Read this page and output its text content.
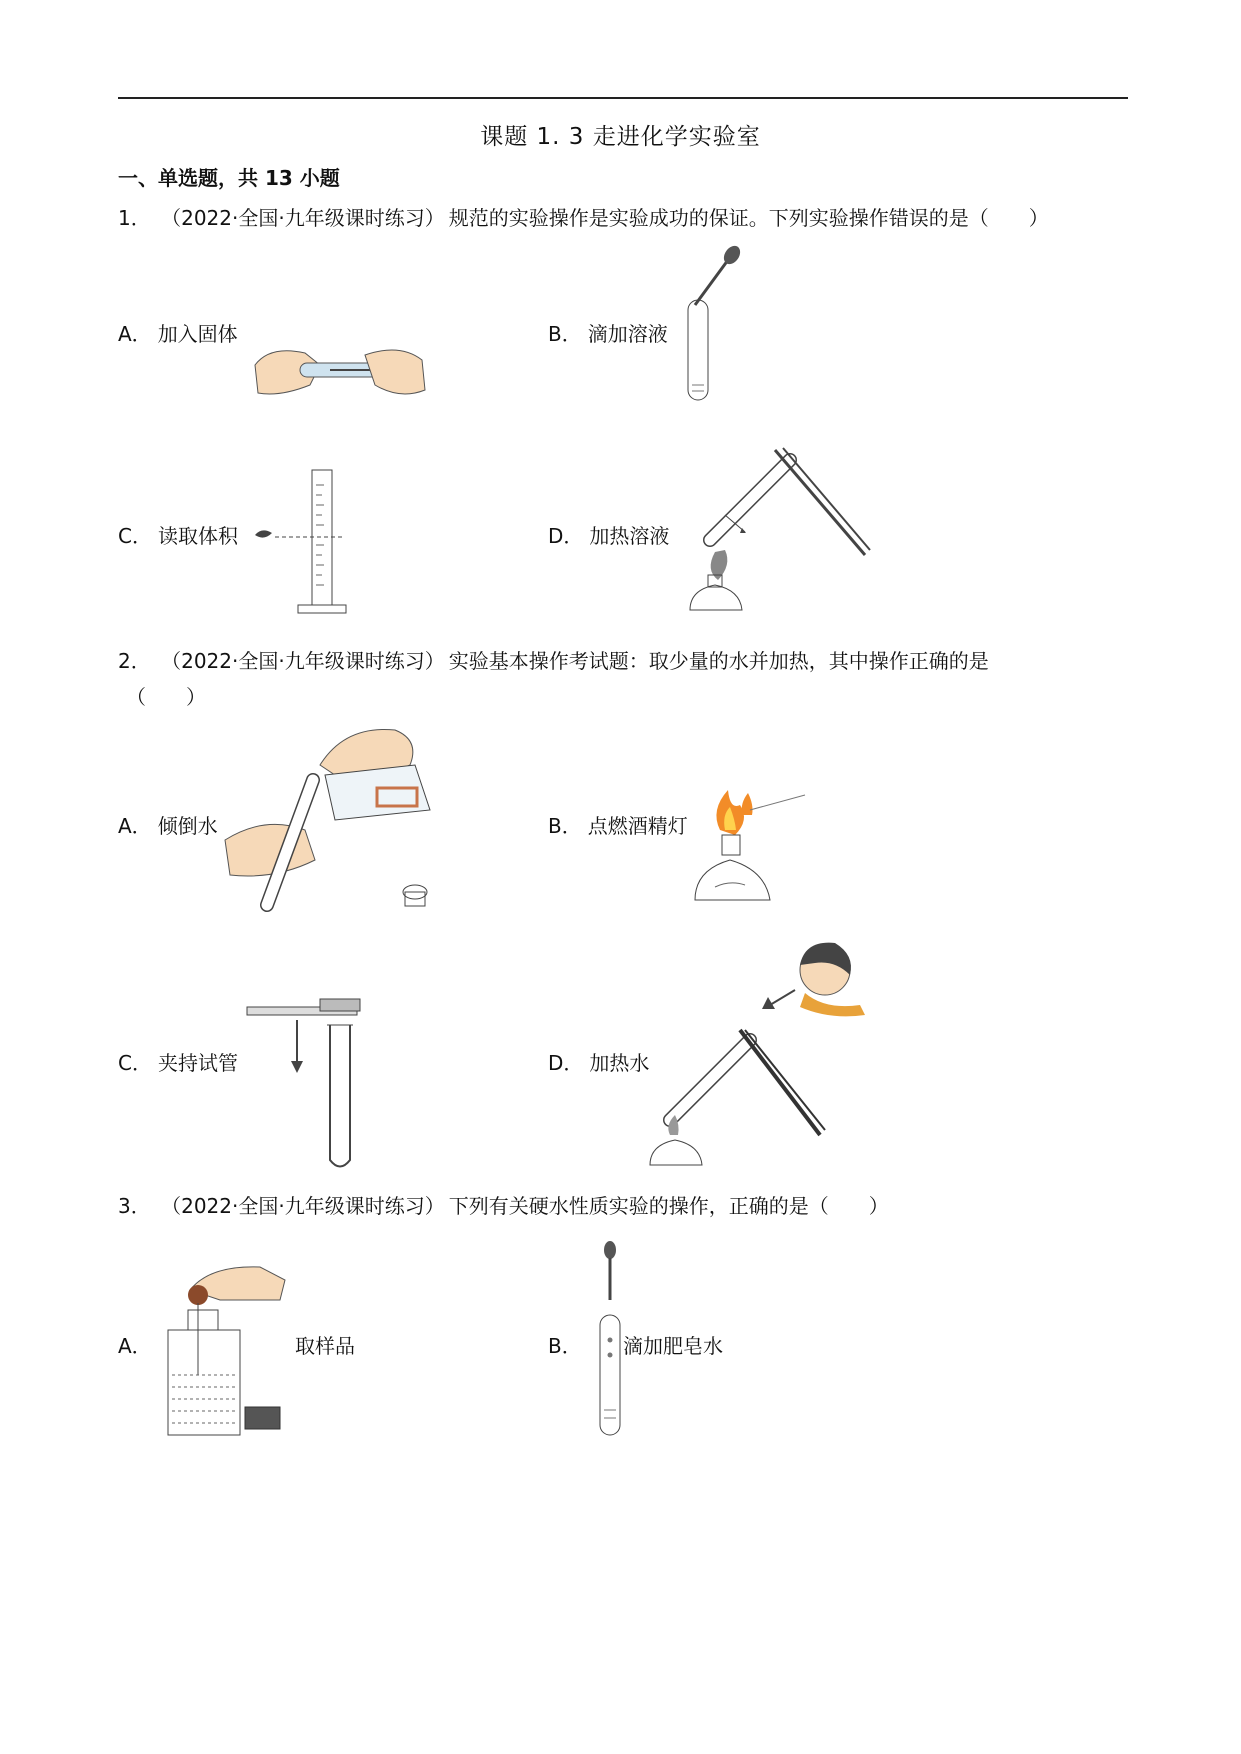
课题 1. 3 走进化学实验室
一、单选题，共 13 小题
1． （2022·全国·九年级课时练习） 规范的实验操作是实验成功的保证。下列实验操作错误的是（　　）
A． 加入固体	B． 滴加溶液
C． 读取体积	D． 加热溶液
2． （2022·全国·九年级课时练习） 实验基本操作考试题：取少量的水并加热，其中操作正确的是
（　　）
A． 倾倒水	B． 点燃酒精灯
C． 夹持试管	D． 加热水
3． （2022·全国·九年级课时练习） 下列有关硬水性质实验的操作，正确的是（　　）
A．	取样品	B．	滴加肥皂水
